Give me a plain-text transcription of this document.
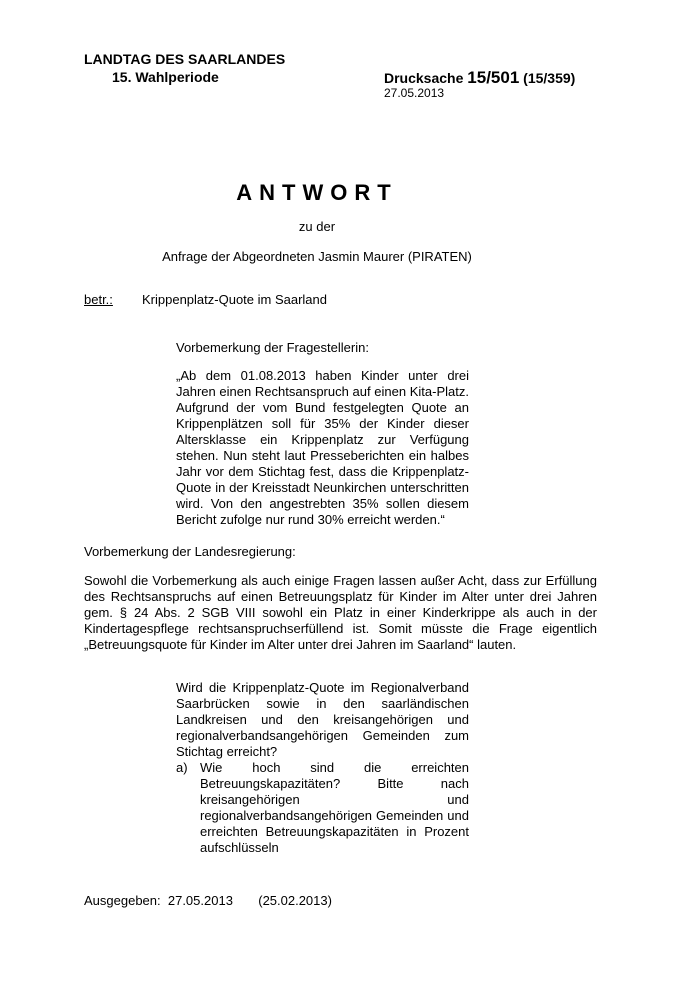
LANDTAG DES SAARLANDES
15. Wahlperiode	Drucksache 15/501 (15/359)
27.05.2013
ANTWORT
zu der
Anfrage der Abgeordneten Jasmin Maurer (PIRATEN)
betr.: Krippenplatz-Quote im Saarland
Vorbemerkung der Fragestellerin:
„Ab dem 01.08.2013 haben Kinder unter drei Jahren einen Rechtsanspruch auf einen Kita-Platz. Aufgrund der vom Bund festgelegten Quote an Krippenplätzen soll für 35% der Kinder dieser Altersklasse ein Krippenplatz zur Verfügung stehen. Nun steht laut Presseberichten ein halbes Jahr vor dem Stichtag fest, dass die Krippenplatz-Quote in der Kreisstadt Neunkirchen unterschritten wird. Von den angestrebten 35% sollen diesem Bericht zufolge nur rund 30% erreicht werden.“
Vorbemerkung der Landesregierung:
Sowohl die Vorbemerkung als auch einige Fragen lassen außer Acht, dass zur Erfüllung des Rechtsanspruchs auf einen Betreuungsplatz für Kinder im Alter unter drei Jahren gem. § 24 Abs. 2 SGB VIII sowohl ein Platz in einer Kinderkrippe als auch in der Kindertagespflege rechtsanspruchserfüllend ist. Somit müsste die Frage eigentlich „Betreuungsquote für Kinder im Alter unter drei Jahren im Saarland“ lauten.
Wird die Krippenplatz-Quote im Regionalverband Saarbrücken sowie in den saarländischen Landkreisen und den kreisangehörigen und regionalverbandsangehörigen Gemeinden zum Stichtag erreicht?
a) Wie hoch sind die erreichten Betreuungskapazitäten? Bitte nach kreisangehörigen und regionalverbandsangehörigen Gemeinden und erreichten Betreuungskapazitäten in Prozent aufschlüsseln
Ausgegeben: 27.05.2013 (25.02.2013)
